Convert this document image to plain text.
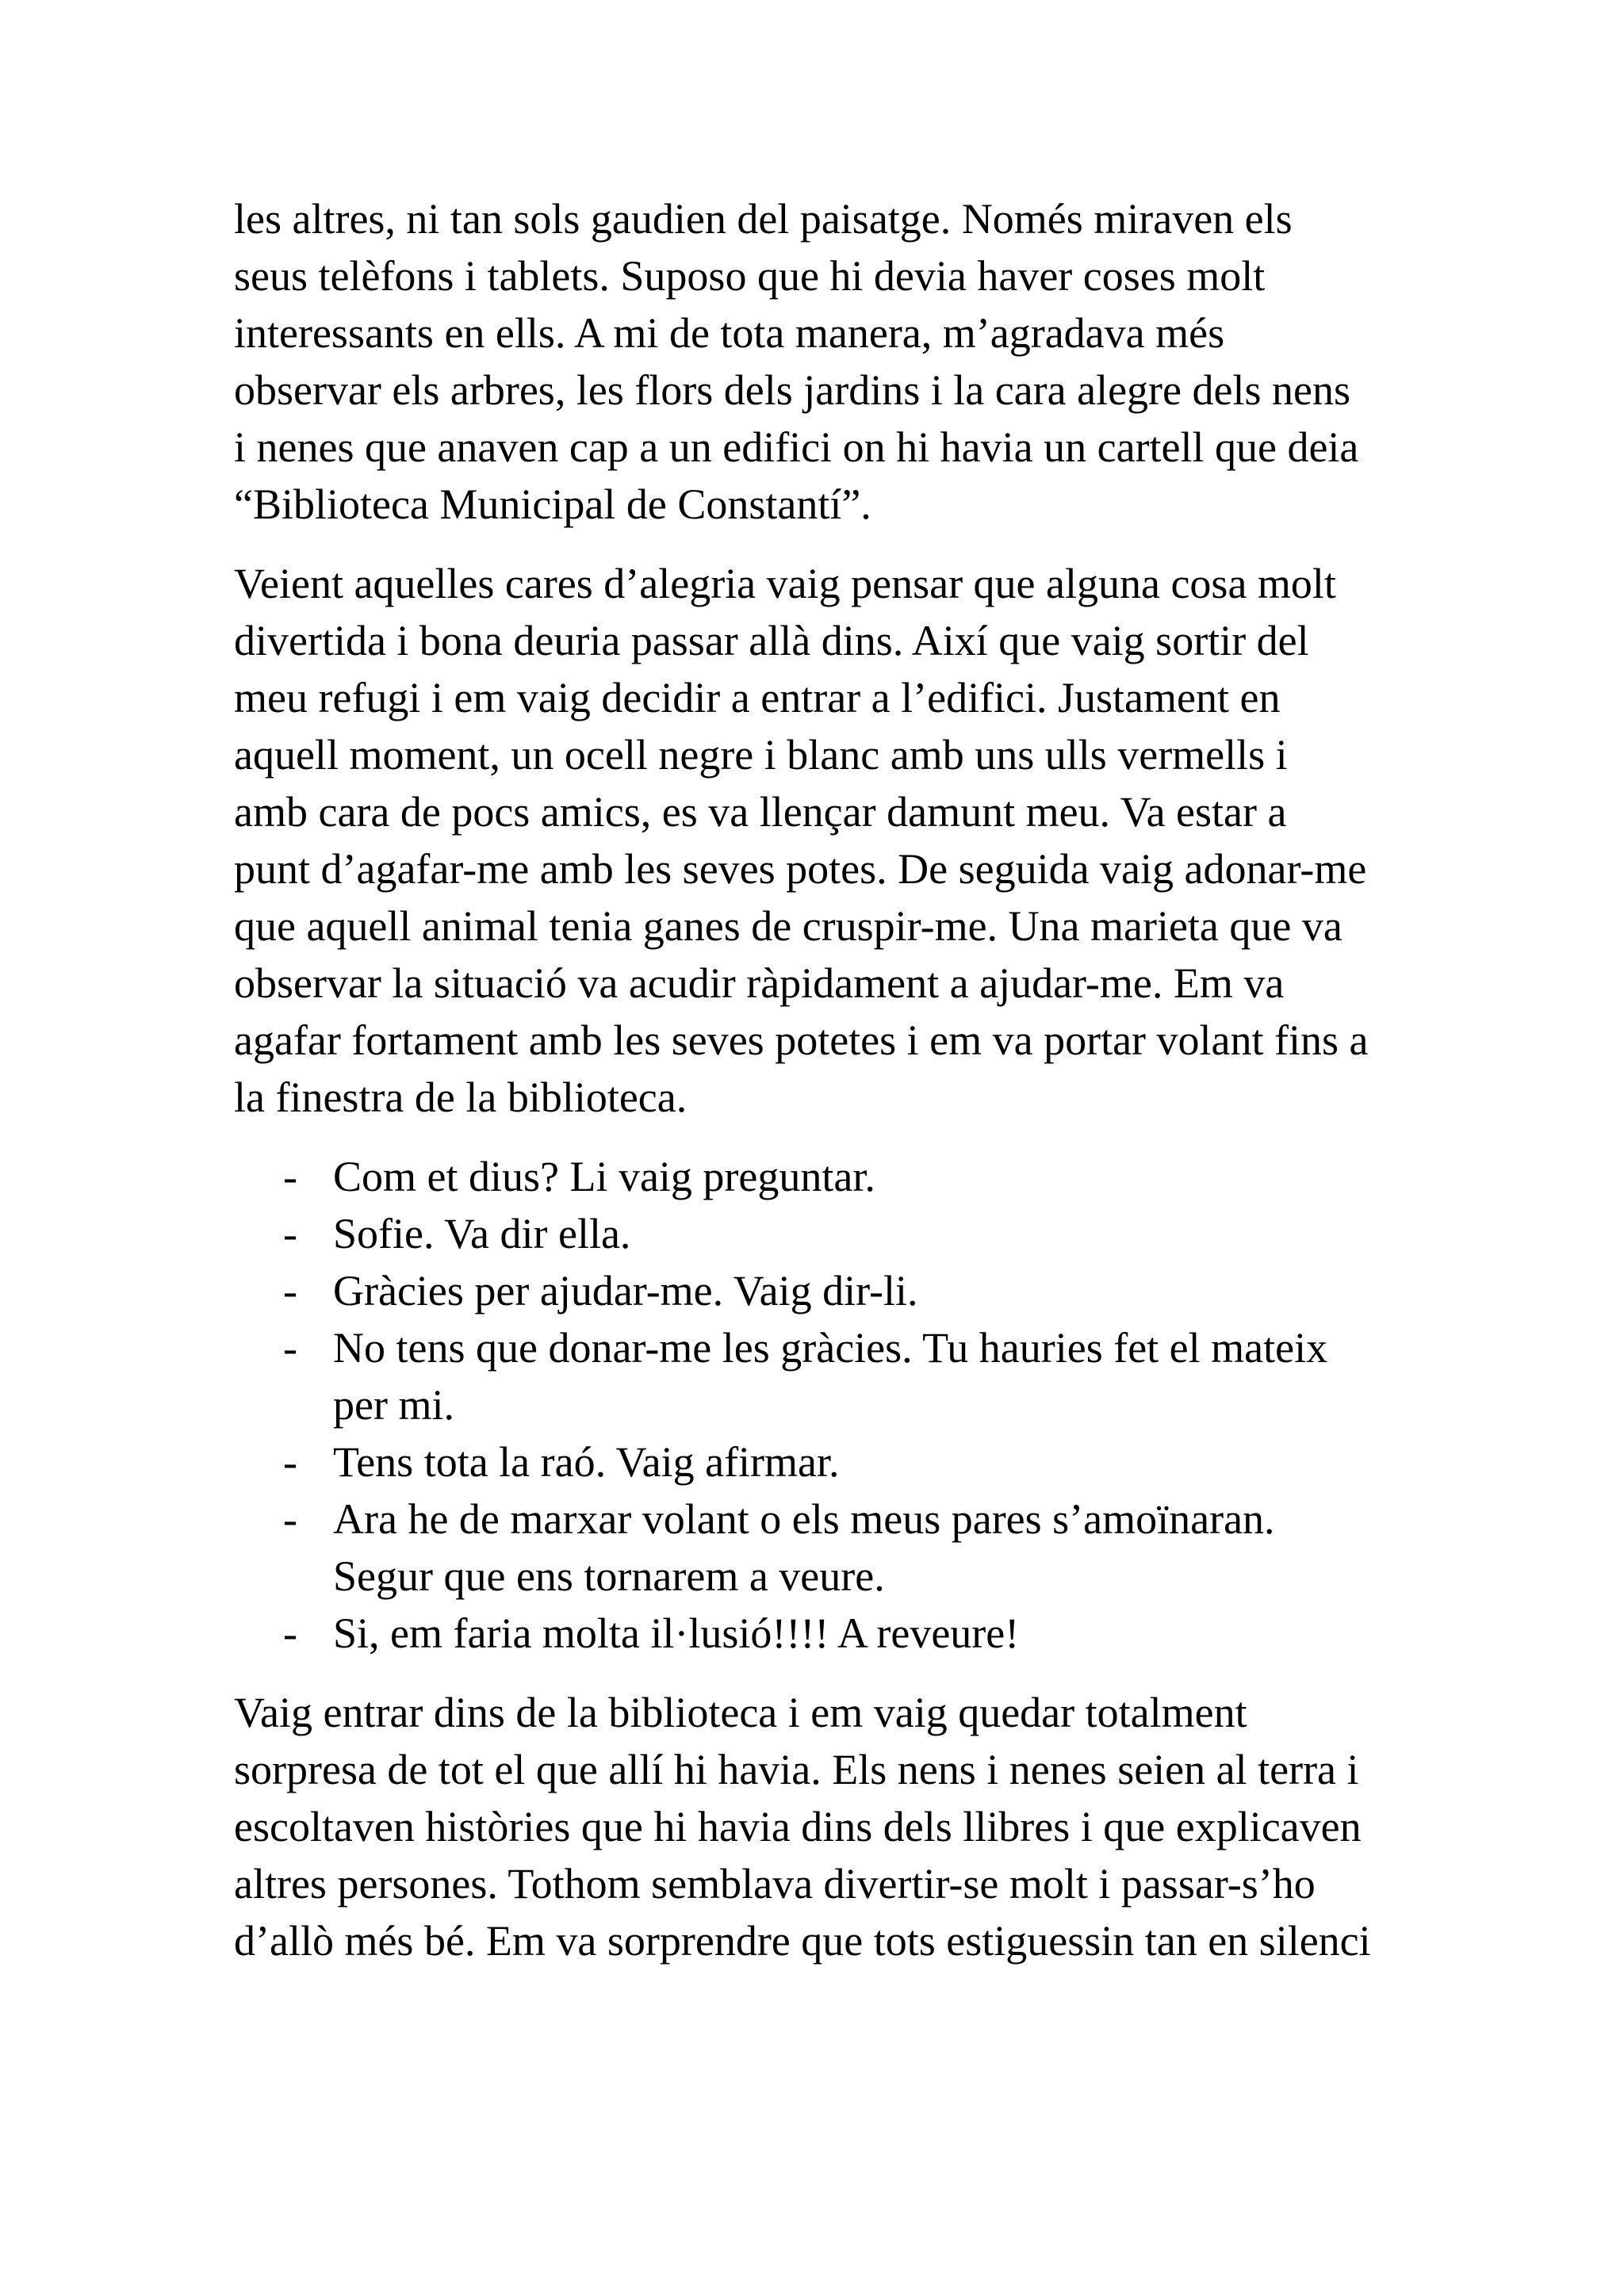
les altres, ni tan sols gaudien del paisatge. Només miraven els
seus telèfons i tablets. Suposo que hi devia haver coses molt
interessants en ells. A mi de tota manera, m’agradava més
observar els arbres, les flors dels jardins i la cara alegre dels nens
i nenes que anaven cap a un edifici on hi havia un cartell que deia
“Biblioteca Municipal de Constantí”.

Veient aquelles cares d’alegria vaig pensar que alguna cosa molt
divertida i bona deuria passar allà dins. Així que vaig sortir del
meu refugi i em vaig decidir a entrar a l’edifici. Justament en
aquell moment, un ocell negre i blanc amb uns ulls vermells i
amb cara de pocs amics, es va llençar damunt meu. Va estar a
punt d’agafar-me amb les seves potes. De seguida vaig adonar-me
que aquell animal tenia ganes de cruspir-me. Una marieta que va
observar la situació va acudir ràpidament a ajudar-me. Em va
agafar fortament amb les seves potetes i em va portar volant fins a
la finestra de la biblioteca.

- Com et dius? Li vaig preguntar.
- Sofie. Va dir ella.
- Gràcies per ajudar-me. Vaig dir-li.
- No tens que donar-me les gràcies. Tu hauries fet el mateix
per mi.
- Tens tota la raó. Vaig afirmar.
- Ara he de marxar volant o els meus pares s’amoïnaran.
Segur que ens tornarem a veure.
- Si, em faria molta il·lusió!!!! A reveure!

Vaig entrar dins de la biblioteca i em vaig quedar totalment
sorpresa de tot el que allí hi havia. Els nens i nenes seien al terra i
escoltaven històries que hi havia dins dels llibres i que explicaven
altres persones. Tothom semblava divertir-se molt i passar-s’ho
d’allò més bé. Em va sorprendre que tots estiguessin tan en silenci
